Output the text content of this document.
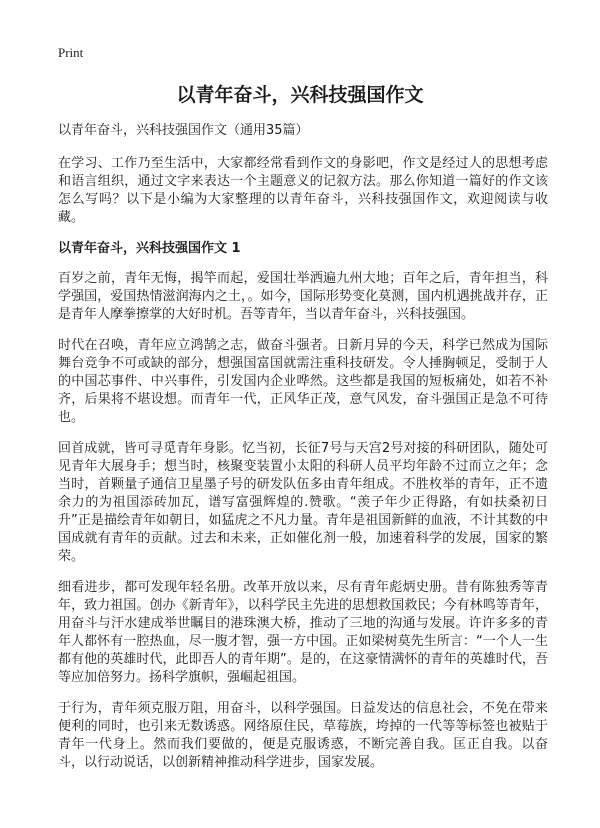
Print
以青年奋斗，兴科技强国作文

以青年奋斗，兴科技强国作文（通用35篇）

在学习、工作乃至生活中，大家都经常看到作文的身影吧，作文是经过人的思想考虑和语言组织，通过文字来表达一个主题意义的记叙方法。那么你知道一篇好的作文该怎么写吗？以下是小编为大家整理的以青年奋斗，兴科技强国作文，欢迎阅读与收藏。

以青年奋斗，兴科技强国作文 1

百岁之前，青年无悔，揭竿而起，爱国壮举洒遍九州大地；百年之后，青年担当，科学强国，爱国热情滋润海内之土，。如今，国际形势变化莫测，国内机遇挑战并存，正是青年人摩拳擦掌的大好时机。吾等青年，当以青年奋斗，兴科技强国。

时代在召唤，青年应立鸿鹄之志，做奋斗强者。日新月异的今天，科学已然成为国际舞台竞争不可或缺的部分，想强国富国就需注重科技研发。令人捶胸顿足，受制于人的中国芯事件、中兴事件，引发国内企业哗然。这些都是我国的短板痛处，如若不补齐，后果将不堪设想。而青年一代，正风华正茂，意气风发，奋斗强国正是急不可待也。

回首成就，皆可寻觅青年身影。忆当初，长征7号与天宫2号对接的科研团队，随处可见青年大展身手；想当时，核聚变装置小太阳的科研人员平均年龄不过而立之年；念当时，首颗量子通信卫星墨子号的研发队伍多由青年组成。不胜枚举的青年，正不遗余力的为祖国添砖加瓦，谱写富强辉煌的.赞歌。“羡子年少正得路，有如扶桑初日升”正是描绘青年如朝日，如猛虎之不凡力量。青年是祖国新鲜的血液，不计其数的中国成就有青年的贡献。过去和未来，正如催化剂一般，加速着科学的发展，国家的繁荣。

细看进步，都可发现年轻名册。改革开放以来，尽有青年彪炳史册。昔有陈独秀等青年，致力祖国。创办《新青年》，以科学民主先进的思想救国救民；今有林鸣等青年，用奋斗与汗水建成举世瞩目的港珠澳大桥，推动了三地的沟通与发展。许许多多的青年人都怀有一腔热血，尽一腹才智，强一方中国。正如梁树莫先生所言：“一个人一生都有他的英雄时代，此即吾人的青年期”。是的，在这豪情满怀的青年的英雄时代，吾等应加倍努力。扬科学旗帜，强崛起祖国。

于行为，青年须克服万阻，用奋斗，以科学强国。日益发达的信息社会，不免在带来便利的同时，也引来无数诱惑。网络原住民，草莓族，垮掉的一代等等标签也被贴于青年一代身上。然而我们要做的，便是克服诱惑，不断完善自我。匡正自我。以奋斗，以行动说话，以创新精神推动科学进步，国家发展。
